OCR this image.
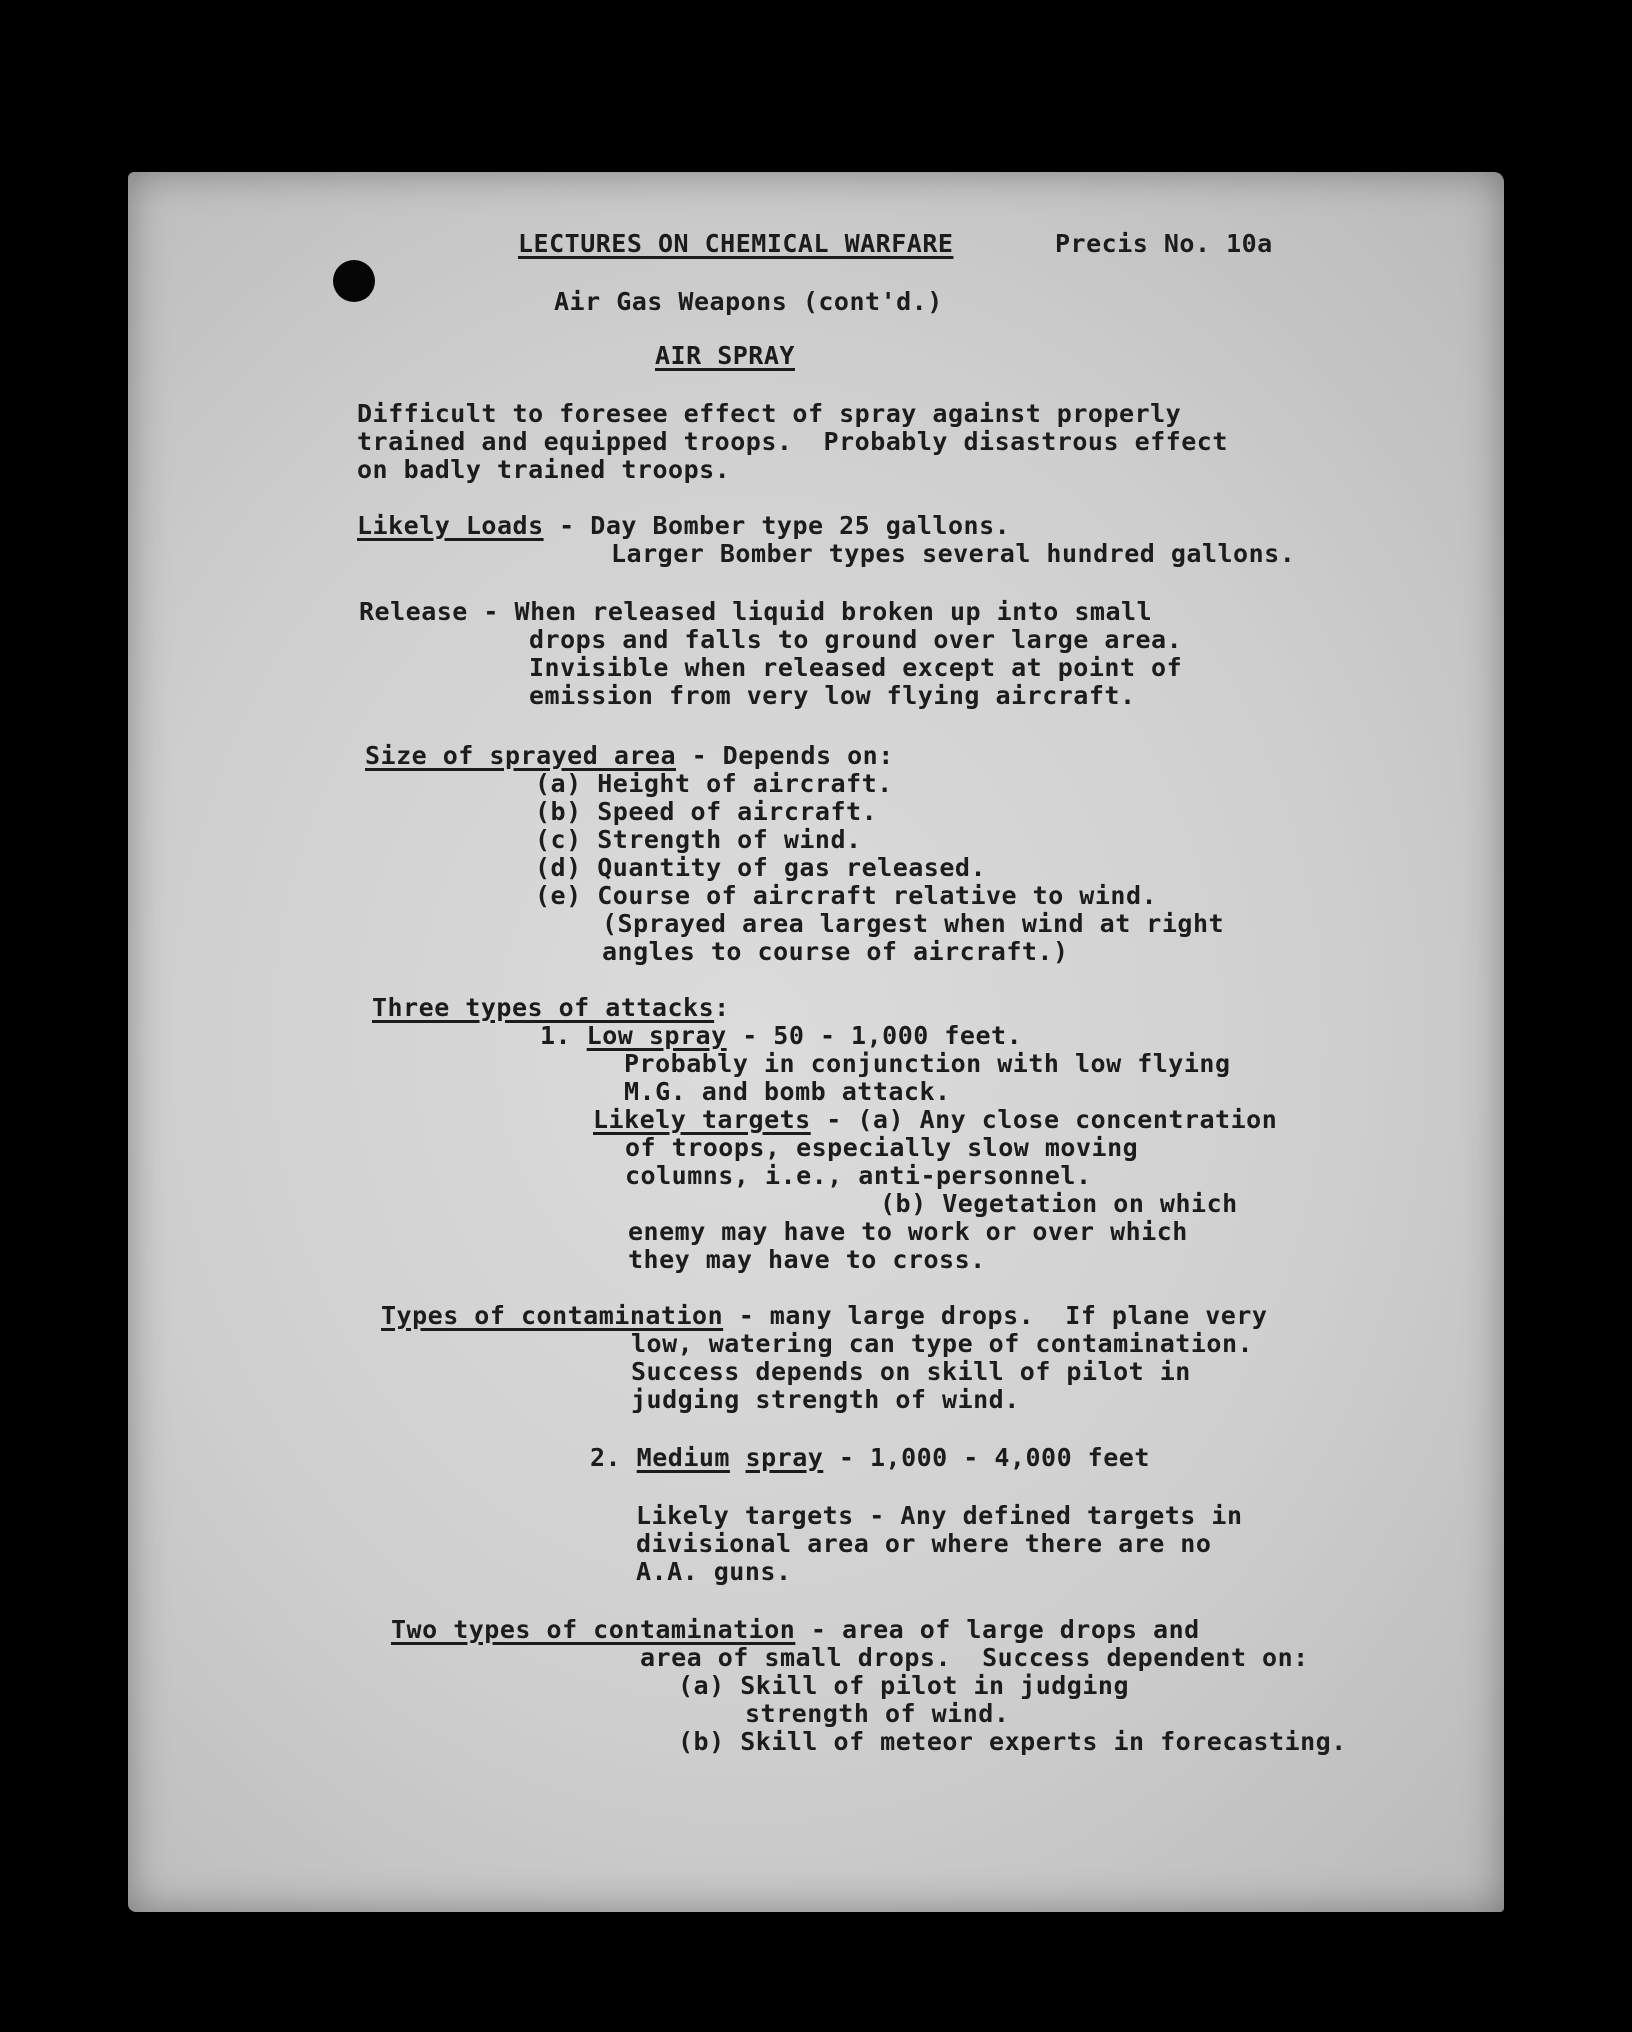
LECTURES ON CHEMICAL WARFARE	Precis No. 10a
Air Gas Weapons (cont'd.)
AIR SPRAY
Difficult to foresee effect of spray against properly
trained and equipped troops.  Probably disastrous effect
on badly trained troops.
Likely Loads - Day Bomber type 25 gallons.
Larger Bomber types several hundred gallons.
Release - When released liquid broken up into small
drops and falls to ground over large area.
Invisible when released except at point of
emission from very low flying aircraft.
Size of sprayed area - Depends on:
(a) Height of aircraft.
(b) Speed of aircraft.
(c) Strength of wind.
(d) Quantity of gas released.
(e) Course of aircraft relative to wind.
(Sprayed area largest when wind at right
angles to course of aircraft.)
Three types of attacks:
1. Low spray - 50 - 1,000 feet.
Probably in conjunction with low flying
M.G. and bomb attack.
Likely targets - (a) Any close concentration
of troops, especially slow moving
columns, i.e., anti-personnel.
(b) Vegetation on which
enemy may have to work or over which
they may have to cross.
Types of contamination - many large drops.  If plane very
low, watering can type of contamination.
Success depends on skill of pilot in
judging strength of wind.
2. Medium spray - 1,000 - 4,000 feet
Likely targets - Any defined targets in
divisional area or where there are no
A.A. guns.
Two types of contamination - area of large drops and
area of small drops.  Success dependent on:
(a) Skill of pilot in judging
strength of wind.
(b) Skill of meteor experts in forecasting.
